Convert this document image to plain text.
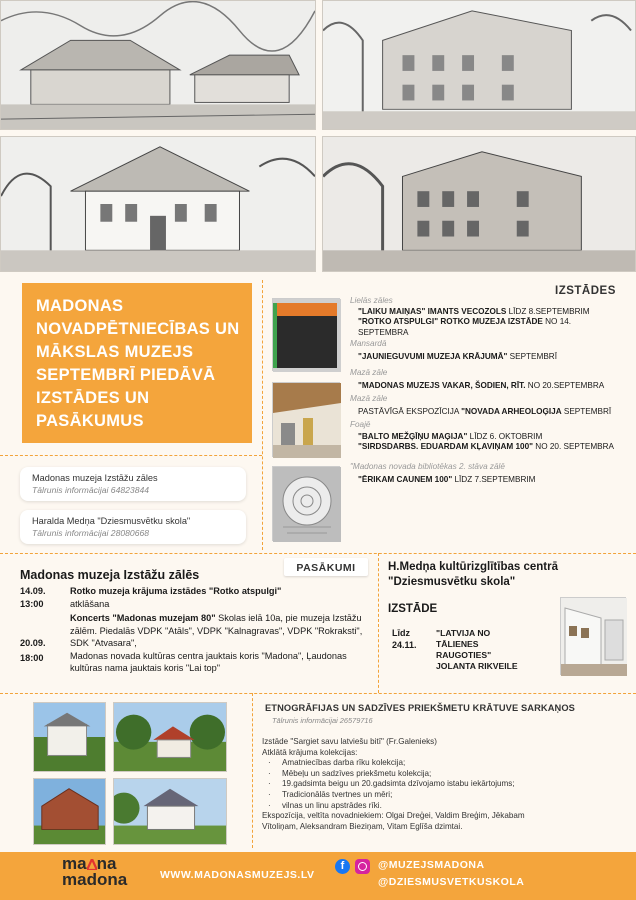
MADONAS
NOVADPĒTNIECĪBAS UN
MĀKSLAS MUZEJS
SEPTEMBRĪ PIEDĀVĀ
IZSTĀDES UN
PASĀKUMUS
Madonas muzeja Izstāžu zāles
Tālrunis informācijai 64823844
Haralda Medņa "Dziesmusvētku skola"
Tālrunis informācijai 28080668
IZSTĀDES
Lielās zāles
"LAIKU MAIŅAS" IMANTS VECOZOLS LĪDZ 8.SEPTEMBRIM
"ROTKO ATSPULGI" ROTKO MUZEJA IZSTĀDE NO 14. SEPTEMBRA
Mansardā
"JAUNIEGUVUMI MUZEJA KRĀJUMĀ" SEPTEMBRĪ
Mazā zāle
"MADONAS MUZEJS VAKAR, ŠODIEN, RĪT. NO 20.SEPTEMBRA
Mazā zāle
PASTĀVĪGĀ EKSPOZĪCIJA "NOVADA ARHEOLOĢIJA SEPTEMBRĪ
Foajē
"BALTO MEŽĢĪŅU MAĢIJA" LĪDZ 6. OKTOBRIM
"SIRDSDARBS. EDUARDAM KĻAVIŅAM 100" NO 20. SEPTEMBRA
"Madonas novada bibliotēkas 2. stāva zālē
"ĒRIKAM CAUNEM 100" LĪDZ 7.SEPTEMBRIM
PASĀKUMI
Madonas muzeja Izstāžu zālēs
14.09.
13:00
Rotko muzeja krājuma izstādes "Rotko atspulgi"
atklāšana
Koncerts "Madonas muzejam 80" Skolas ielā 10a, pie muzeja Izstāžu zālēm. Piedalās VDPK "Atāls", VDPK "Kalnagravas", VDPK "Rokraksti", SDK "Atvasara",
Madonas novada kultūras centra jauktais koris "Madona", Ļaudonas kultūras nama jauktais koris "Lai top"
20.09.
18:00
H.Medņa kultūrizglītības centrā
"Dziesmusvētku skola"
IZSTĀDE
Līdz
24.11.
"LATVIJA NO
TĀLIENES
RAUGOTIES"
JOLANTA RIKVEILE
ETNOGRĀFIJAS UN SADZĪVES PRIEKŠMETU KRĀTUVE SARKAŅOS
Tālrunis informācijai 26579716
Izstāde "Sargiet savu latviešu bitī" (Fr.Galenieks)
Atklātā krājuma kolekcijas:
·     Amatniecības darba rīku kolekcija;
·     Mēbeļu un sadzīves priekšmetu kolekcija;
·     19.gadsimta beigu un 20.gadsimta dzīvojamo istabu iekārtojums;
·     Tradicionālās tvertnes un mēri;
·     vilnas un linu apstrādes rīki.
Ekspozīcija, veltīta novadniekiem: Olgai Dreģei, Valdim Breģim, Jēkabam
Vītoliņam, Aleksandram Bieziņam, Vitam Eglīša dzimtai.
ma na
madona	WWW.MADONASMUZEJS.LV
f	@MUZEJSMADONA
@DZIESMUSVETKUSKOLA
